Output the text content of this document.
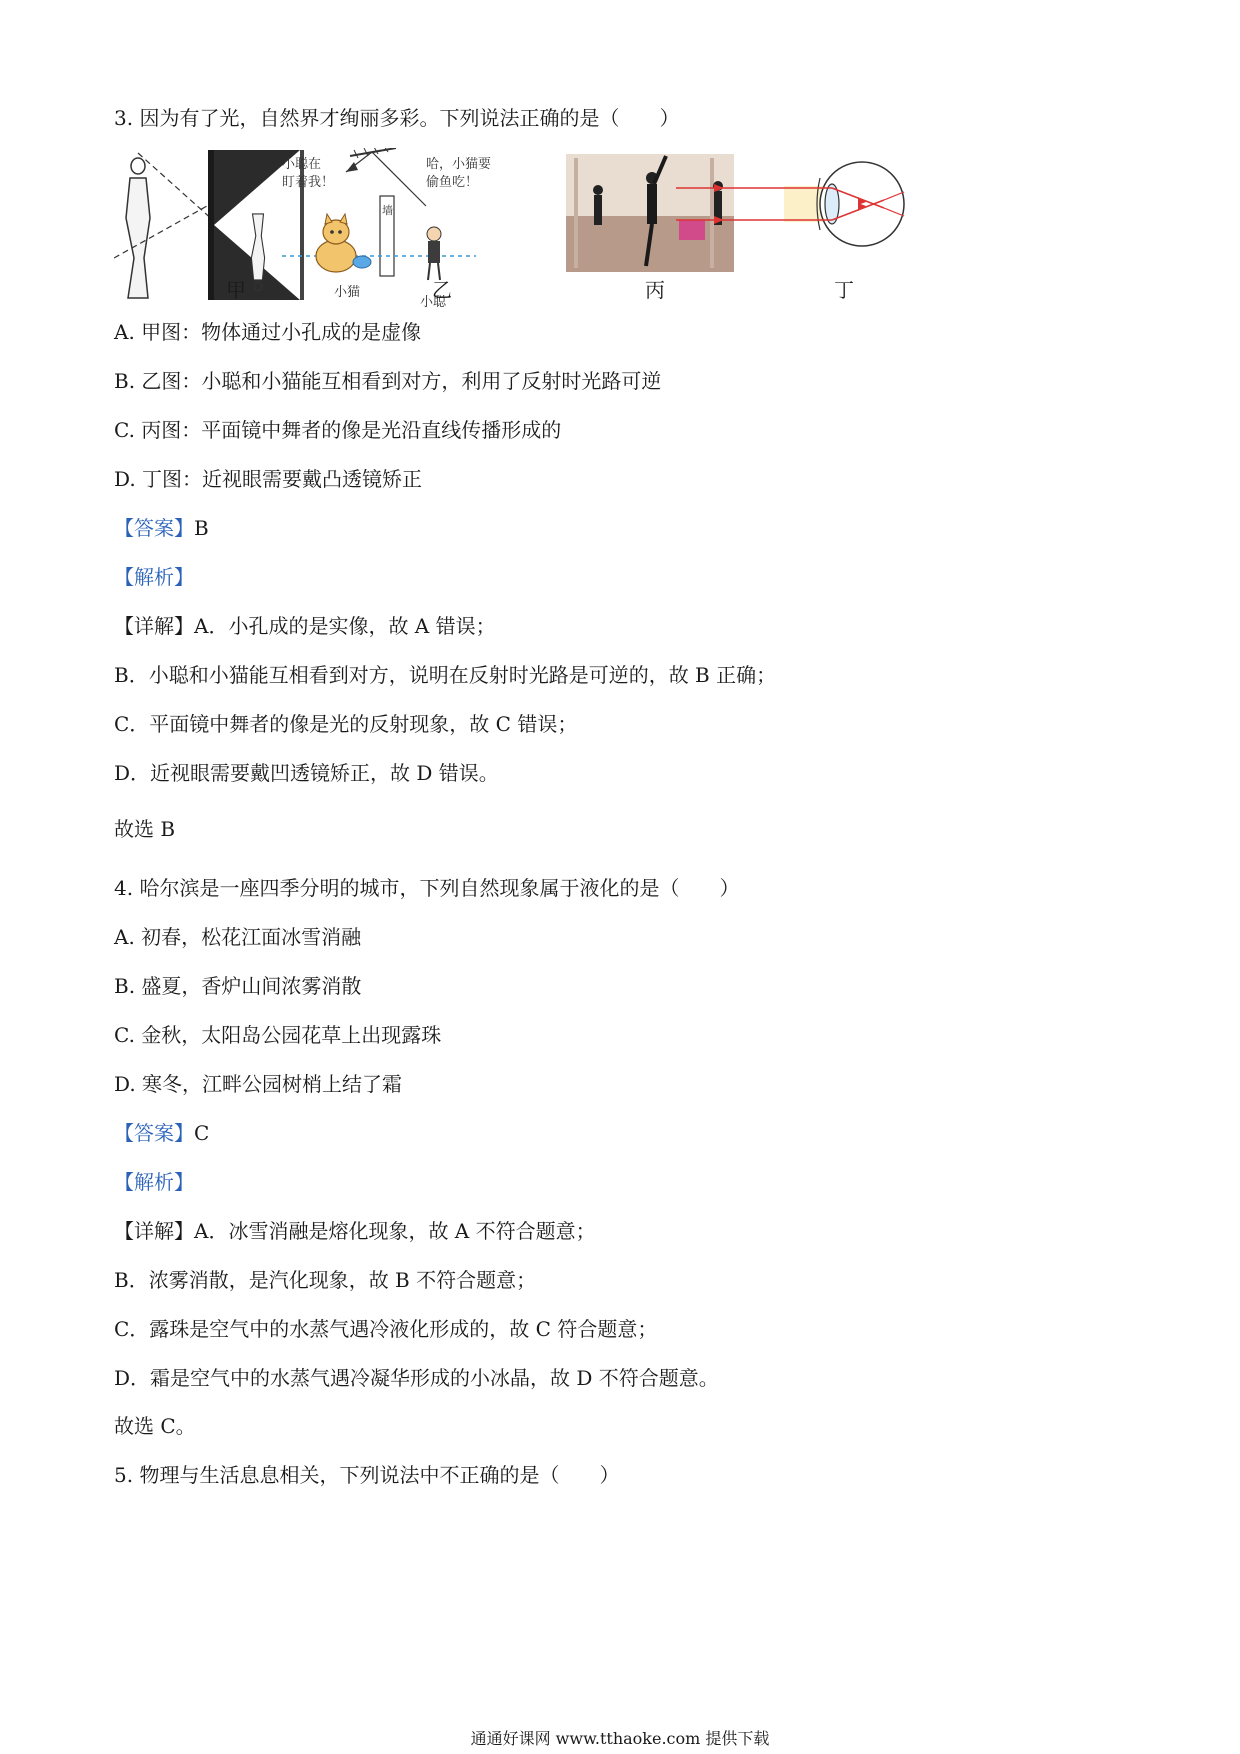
3. 因为有了光，自然界才绚丽多彩。下列说法正确的是（　　）
小聪在
盯着我！
墙
小猫
哈，小猫要
偷鱼吃！
小聪
甲	乙	丙	丁
A. 甲图：物体通过小孔成的是虚像
B. 乙图：小聪和小猫能互相看到对方，利用了反射时光路可逆
C. 丙图：平面镜中舞者的像是光沿直线传播形成的
D. 丁图：近视眼需要戴凸透镜矫正
【答案】B
【解析】
【详解】A．小孔成的是实像，故 A 错误；
B．小聪和小猫能互相看到对方，说明在反射时光路是可逆的，故 B 正确；
C．平面镜中舞者的像是光的反射现象，故 C 错误；
D．近视眼需要戴凹透镜矫正，故 D 错误。
故选 B
4. 哈尔滨是一座四季分明的城市，下列自然现象属于液化的是（　　）
A. 初春，松花江面冰雪消融
B. 盛夏，香炉山间浓雾消散
C. 金秋，太阳岛公园花草上出现露珠
D. 寒冬，江畔公园树梢上结了霜
【答案】C
【解析】
【详解】A．冰雪消融是熔化现象，故 A 不符合题意；
B．浓雾消散，是汽化现象，故 B 不符合题意；
C．露珠是空气中的水蒸气遇冷液化形成的，故 C 符合题意；
D．霜是空气中的水蒸气遇冷凝华形成的小冰晶，故 D 不符合题意。
故选 C。
5. 物理与生活息息相关，下列说法中不正确的是（　　）
通通好课网 www.tthaoke.com 提供下载
